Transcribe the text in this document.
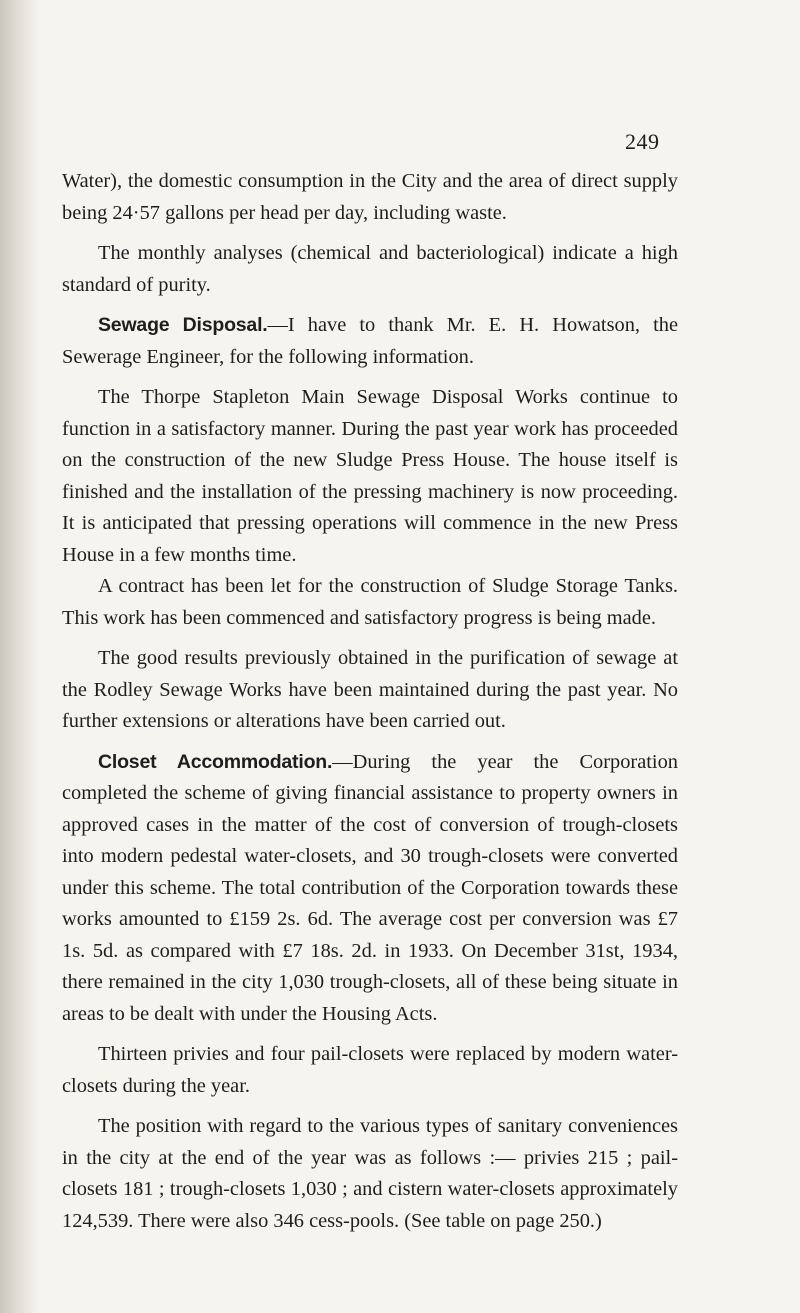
249

Water), the domestic consumption in the City and the area of direct supply being 24·57 gallons per head per day, including waste.

The monthly analyses (chemical and bacteriological) indicate a high standard of purity.

Sewage Disposal.—I have to thank Mr. E. H. Howatson, the Sewerage Engineer, for the following information.

The Thorpe Stapleton Main Sewage Disposal Works continue to function in a satisfactory manner. During the past year work has proceeded on the construction of the new Sludge Press House. The house itself is finished and the installation of the pressing machinery is now proceeding. It is anticipated that pressing operations will commence in the new Press House in a few months time.

A contract has been let for the construction of Sludge Storage Tanks. This work has been commenced and satisfactory progress is being made.

The good results previously obtained in the purification of sewage at the Rodley Sewage Works have been maintained during the past year. No further extensions or alterations have been carried out.

Closet Accommodation.—During the year the Corporation completed the scheme of giving financial assistance to property owners in approved cases in the matter of the cost of conversion of trough-closets into modern pedestal water-closets, and 30 trough-closets were converted under this scheme. The total contribution of the Corporation towards these works amounted to £159 2s. 6d. The average cost per conversion was £7 1s. 5d. as compared with £7 18s. 2d. in 1933. On December 31st, 1934, there remained in the city 1,030 trough-closets, all of these being situate in areas to be dealt with under the Housing Acts.

Thirteen privies and four pail-closets were replaced by modern water-closets during the year.

The position with regard to the various types of sanitary conveniences in the city at the end of the year was as follows :— privies 215 ; pail-closets 181 ; trough-closets 1,030 ; and cistern water-closets approximately 124,539. There were also 346 cess-pools. (See table on page 250.)
